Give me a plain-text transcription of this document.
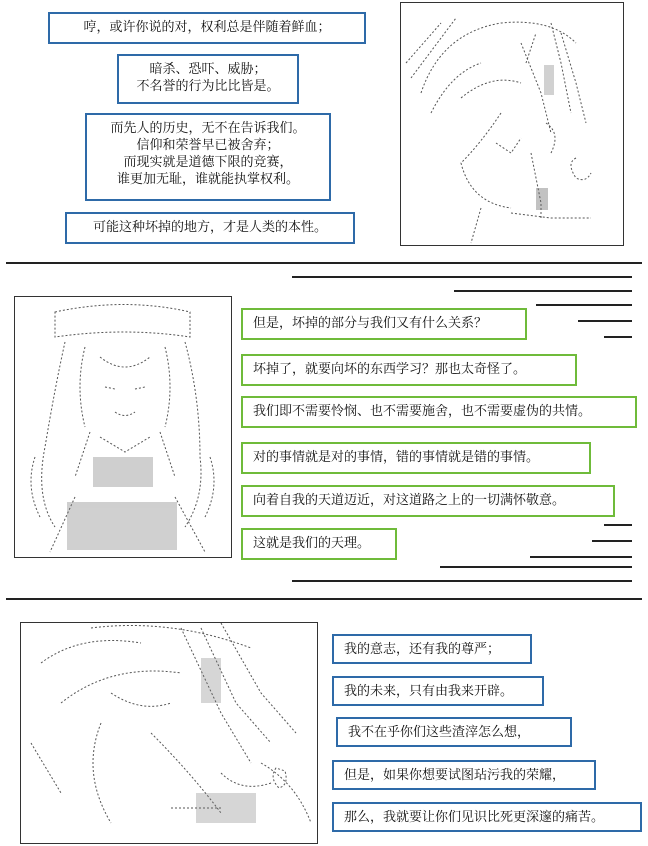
哼，或许你说的对，权利总是伴随着鲜血；
暗杀、恐吓、威胁；
不名誉的行为比比皆是。
而先人的历史，无不在告诉我们。
信仰和荣誉早已被舍弃；
而现实就是道德下限的竞赛，
谁更加无耻，谁就能执掌权利。
可能这种坏掉的地方，才是人类的本性。
但是，坏掉的部分与我们又有什么关系？
坏掉了，就要向坏的东西学习？那也太奇怪了。
我们即不需要怜悯、也不需要施舍，也不需要虚伪的共情。
对的事情就是对的事情，错的事情就是错的事情。
向着自我的天道迈近，对这道路之上的一切满怀敬意。
这就是我们的天理。
我的意志，还有我的尊严；
我的未来，只有由我来开辟。
我不在乎你们这些渣滓怎么想，
但是，如果你想要试图玷污我的荣耀，
那么，我就要让你们见识比死更深邃的痛苦。
